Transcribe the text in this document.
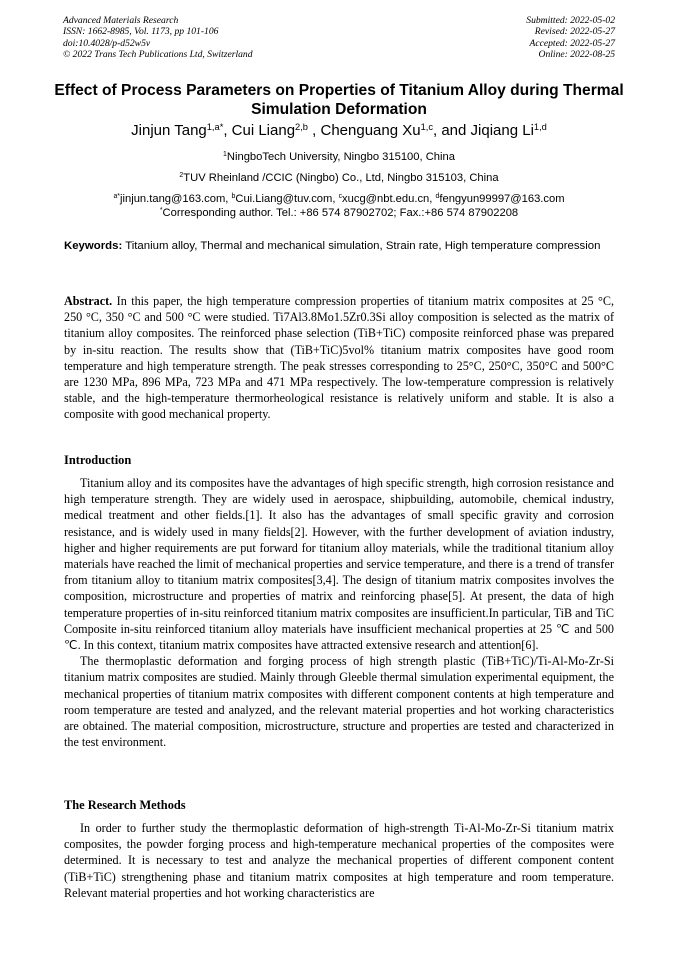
Advanced Materials Research
ISSN: 1662-8985, Vol. 1173, pp 101-106
doi:10.4028/p-d52w5v
© 2022 Trans Tech Publications Ltd, Switzerland
Submitted: 2022-05-02
Revised: 2022-05-27
Accepted: 2022-05-27
Online: 2022-08-25
Effect of Process Parameters on Properties of Titanium Alloy during Thermal Simulation Deformation
Jinjun Tang$^{1,a*}$, Cui Liang$^{2,b}$ , Chenguang Xu$^{1,c}$, and Jiqiang Li$^{1,d}$
$^1$NingboTech University, Ningbo 315100, China
$^2$TUV Rheinland /CCIC (Ningbo) Co., Ltd, Ningbo 315103, China
$^{a*}$jinjun.tang@163.com, $^b$Cui.Liang@tuv.com, $^c$xucg@nbt.edu.cn, $^d$fengyun99997@163.com
*Corresponding author. Tel.: +86 574 87902702; Fax.:+86 574 87902208
Keywords: Titanium alloy, Thermal and mechanical simulation, Strain rate, High temperature compression
Abstract. In this paper, the high temperature compression properties of titanium matrix composites at 25 °C, 250 °C, 350 °C and 500 °C were studied. Ti7Al3.8Mo1.5Zr0.3Si alloy composition is selected as the matrix of titanium alloy composites. The reinforced phase selection (TiB+TiC) composite reinforced phase was prepared by in-situ reaction. The results show that (TiB+TiC)5vol% titanium matrix composites have good room temperature and high temperature strength. The peak stresses corresponding to 25°C, 250°C, 350°C and 500°C are 1230 MPa, 896 MPa, 723 MPa and 471 MPa respectively. The low-temperature compression is relatively stable, and the high-temperature thermorheological resistance is relatively uniform and stable. It is also a composite with good mechanical property.
Introduction

Titanium alloy and its composites have the advantages of high specific strength, high corrosion resistance and high temperature strength. They are widely used in aerospace, shipbuilding, automobile, chemical industry, medical treatment and other fields.[1]. It also has the advantages of small specific gravity and corrosion resistance, and is widely used in many fields[2]. However, with the further development of aviation industry, higher and higher requirements are put forward for titanium alloy materials, while the traditional titanium alloy materials have reached the limit of mechanical properties and service temperature, and there is a trend of transfer from titanium alloy to titanium matrix composites[3,4]. The design of titanium matrix composites involves the composition, microstructure and properties of matrix and reinforcing phase[5]. At present, the data of high temperature properties of in-situ reinforced titanium matrix composites are insufficient.In particular, TiB and TiC Composite in-situ reinforced titanium alloy materials have insufficient mechanical properties at 25 ℃ and 500 ℃. In this context, titanium matrix composites have attracted extensive research and attention[6].

The thermoplastic deformation and forging process of high strength plastic (TiB+TiC)/Ti-Al-Mo-Zr-Si titanium matrix composites are studied. Mainly through Gleeble thermal simulation experimental equipment, the mechanical properties of titanium matrix composites with different component contents at high temperature and room temperature are tested and analyzed, and the relevant material properties and hot working characteristics are obtained. The material composition, microstructure, structure and properties are tested and characterized in the test environment.

The Research Methods

In order to further study the thermoplastic deformation of high-strength Ti-Al-Mo-Zr-Si titanium matrix composites, the powder forging process and high-temperature mechanical properties of the composites were determined. It is necessary to test and analyze the mechanical properties of different component content (TiB+TiC) strengthening phase and titanium matrix composites at high temperature and room temperature. Relevant material properties and hot working characteristics are
